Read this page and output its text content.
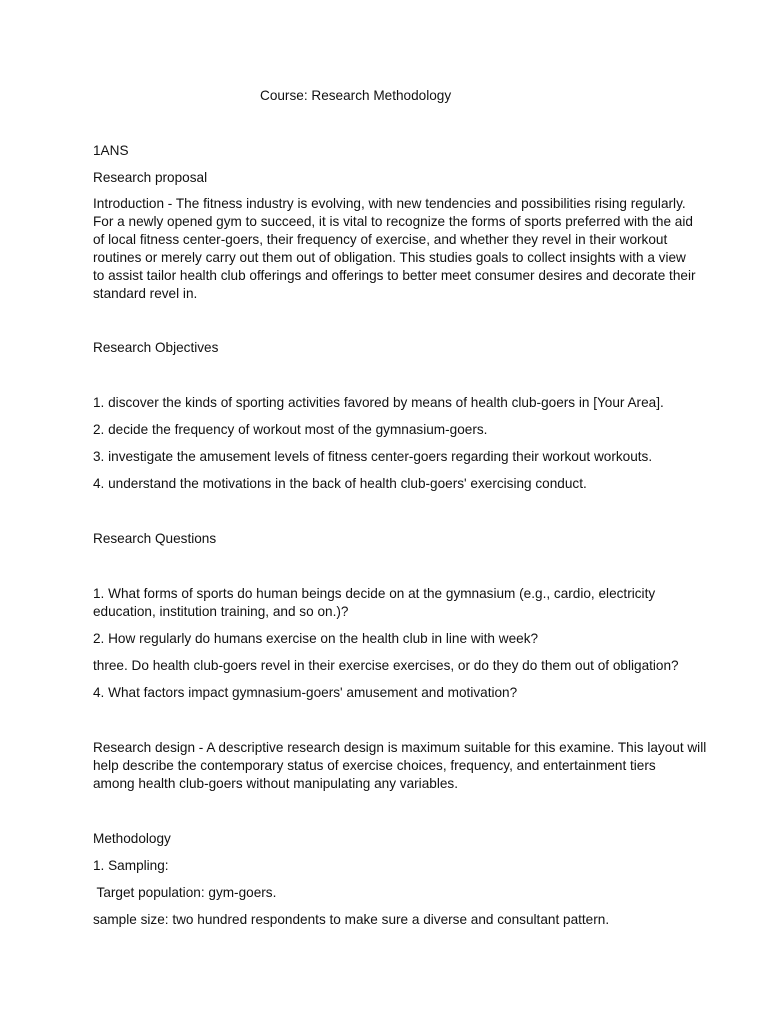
Course: Research Methodology
1ANS
Research proposal
Introduction - The fitness industry is evolving, with new tendencies and possibilities rising regularly.
For a newly opened gym to succeed, it is vital to recognize the forms of sports preferred with the aid
of local fitness center-goers, their frequency of exercise, and whether they revel in their workout
routines or merely carry out them out of obligation. This studies goals to collect insights with a view
to assist tailor health club offerings and offerings to better meet consumer desires and decorate their
standard revel in.
Research Objectives
1. discover the kinds of sporting activities favored by means of health club-goers in [Your Area].
2. decide the frequency of workout most of the gymnasium-goers.
3. investigate the amusement levels of fitness center-goers regarding their workout workouts.
4. understand the motivations in the back of health club-goers' exercising conduct.
Research Questions
1. What forms of sports do human beings decide on at the gymnasium (e.g., cardio, electricity
education, institution training, and so on.)?
2. How regularly do humans exercise on the health club in line with week?
three. Do health club-goers revel in their exercise exercises, or do they do them out of obligation?
4. What factors impact gymnasium-goers' amusement and motivation?
Research design - A descriptive research design is maximum suitable for this examine. This layout will
help describe the contemporary status of exercise choices, frequency, and entertainment tiers
among health club-goers without manipulating any variables.
Methodology
1. Sampling:
Target population: gym-goers.
sample size: two hundred respondents to make sure a diverse and consultant pattern.
